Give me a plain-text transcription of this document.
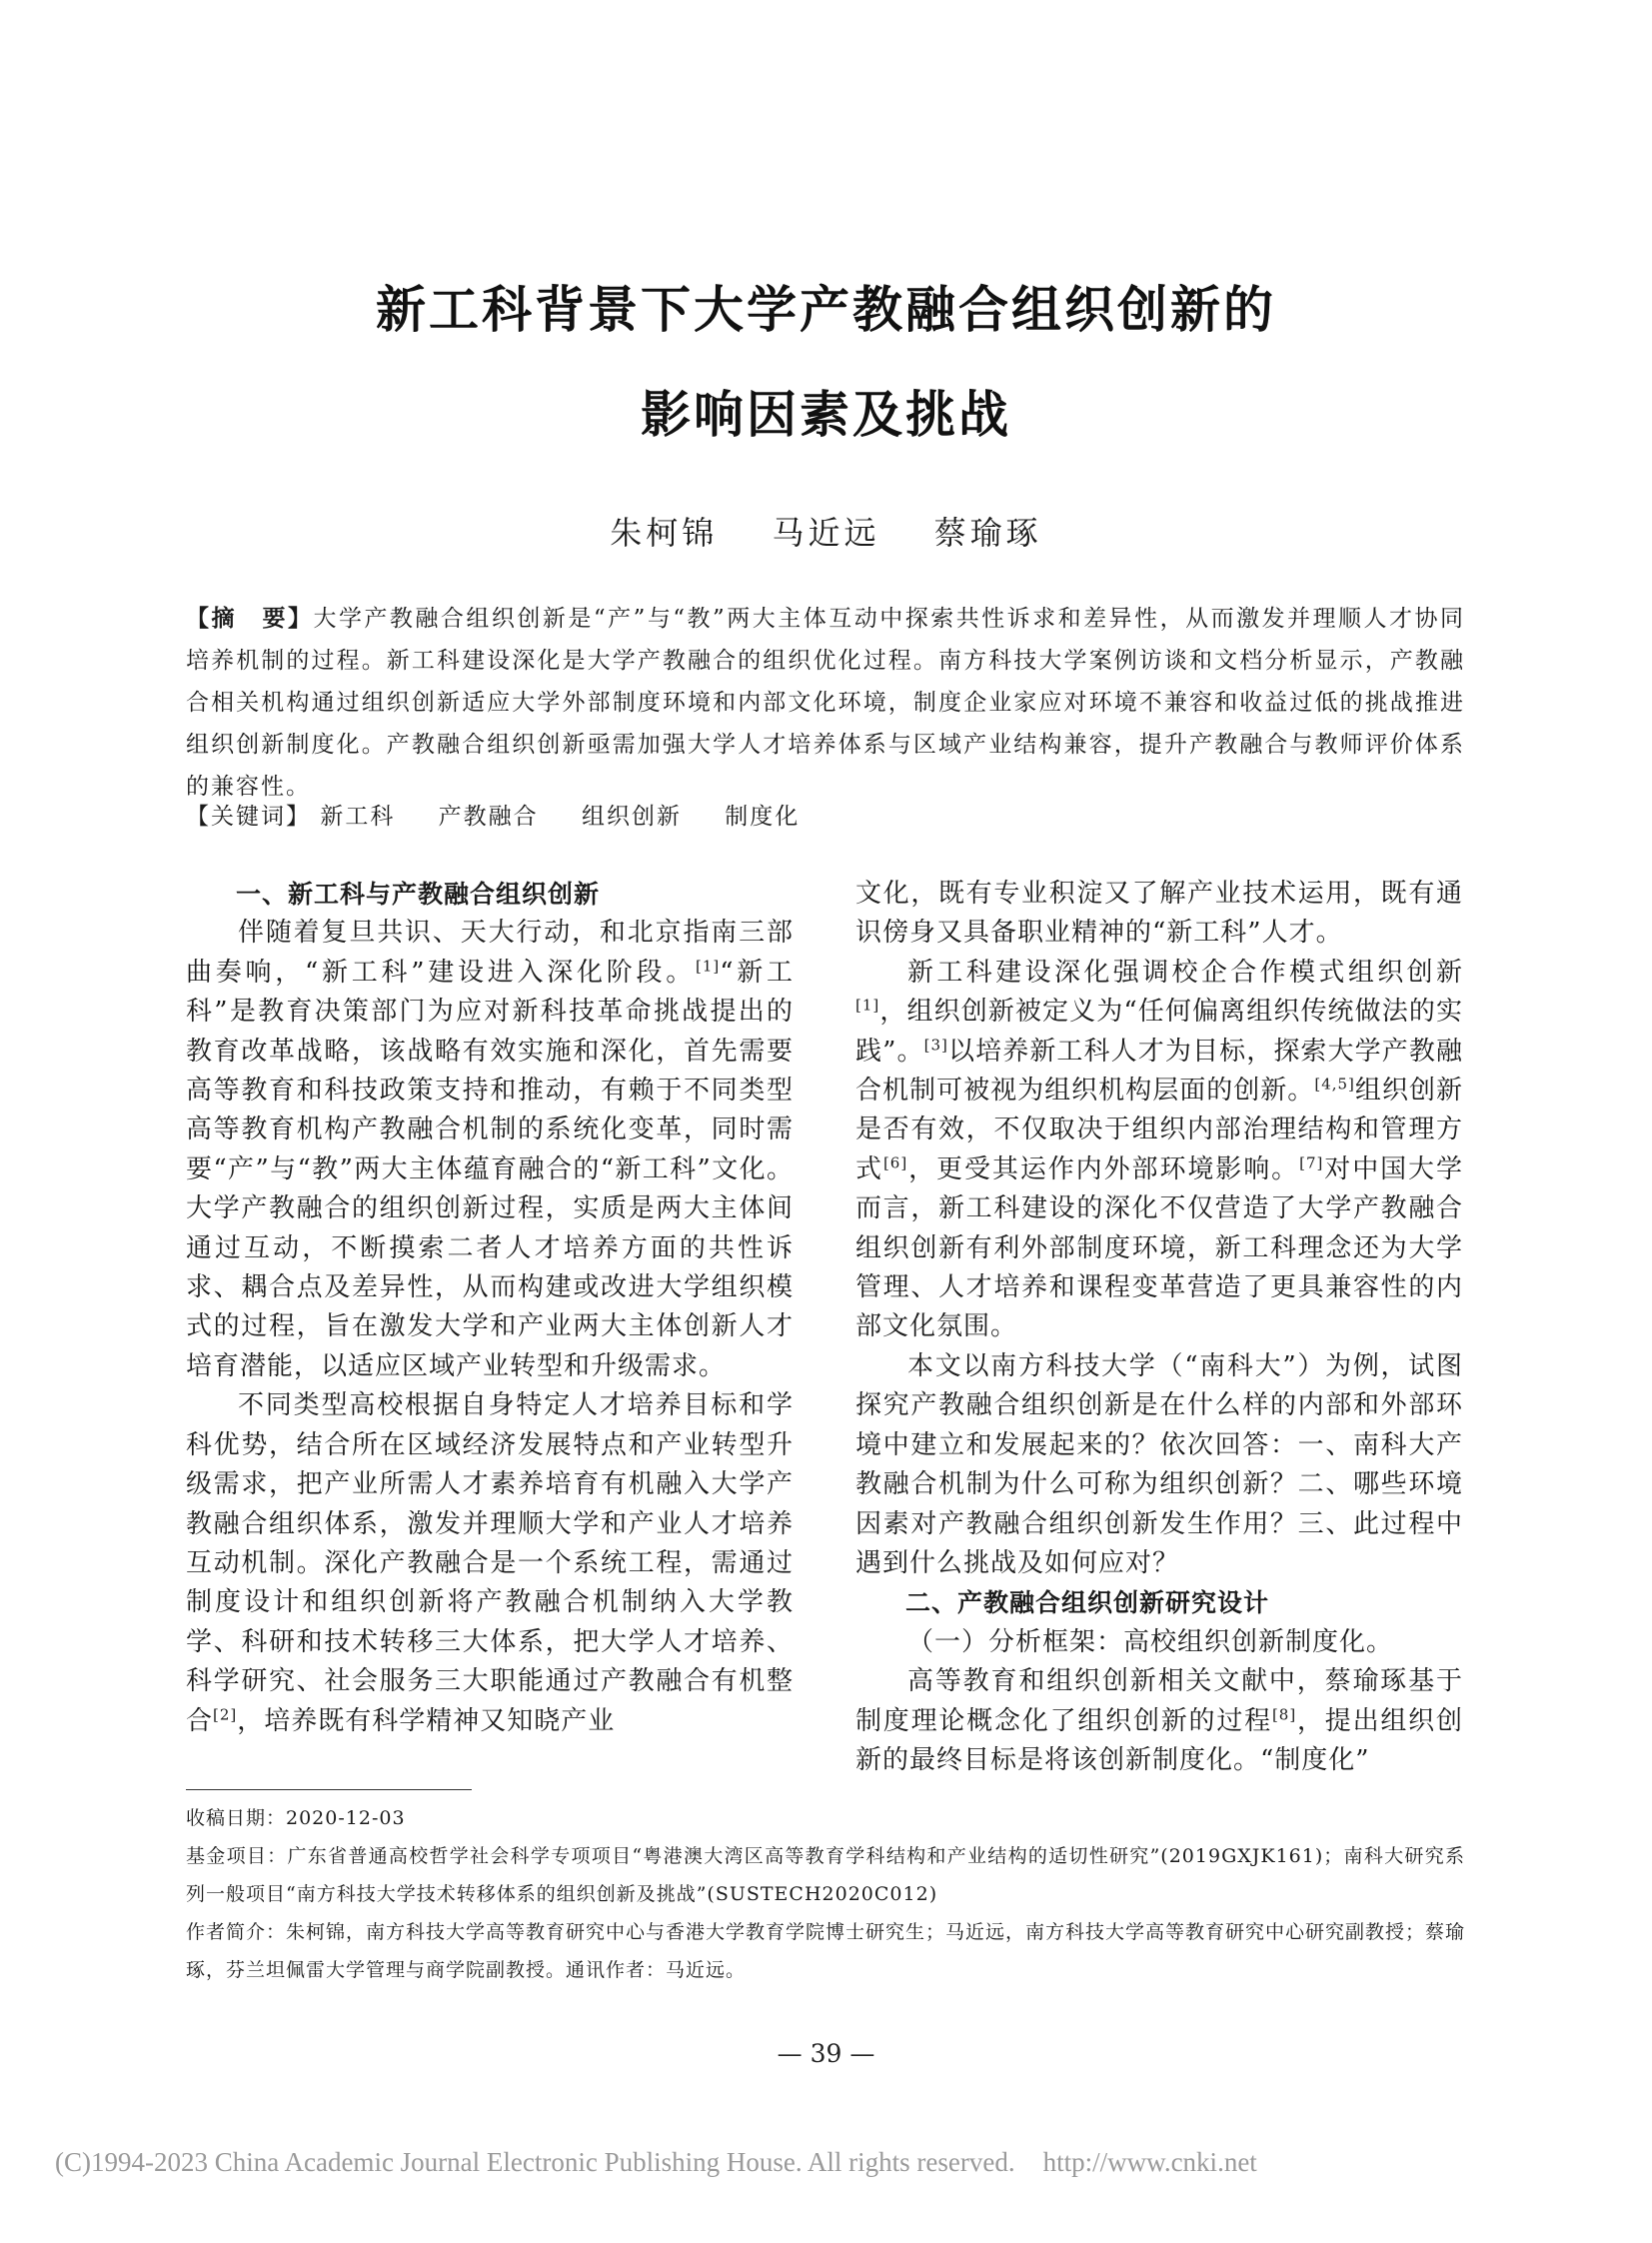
新工科背景下大学产教融合组织创新的
影响因素及挑战
朱柯锦 马近远 蔡瑜琢
【摘　要】大学产教融合组织创新是“产”与“教”两大主体互动中探索共性诉求和差异性，从而激发并理顺人才协同培养机制的过程。新工科建设深化是大学产教融合的组织优化过程。南方科技大学案例访谈和文档分析显示，产教融合相关机构通过组织创新适应大学外部制度环境和内部文化环境，制度企业家应对环境不兼容和收益过低的挑战推进组织创新制度化。产教融合组织创新亟需加强大学人才培养体系与区域产业结构兼容，提升产教融合与教师评价体系的兼容性。
【关键词】 新工科 产教融合 组织创新 制度化
一、新工科与产教融合组织创新

伴随着复旦共识、天大行动，和北京指南三部曲奏响，“新工科”建设进入深化阶段。[1]“新工科”是教育决策部门为应对新科技革命挑战提出的教育改革战略，该战略有效实施和深化，首先需要高等教育和科技政策支持和推动，有赖于不同类型高等教育机构产教融合机制的系统化变革，同时需要“产”与“教”两大主体蕴育融合的“新工科”文化。大学产教融合的组织创新过程，实质是两大主体间通过互动，不断摸索二者人才培养方面的共性诉求、耦合点及差异性，从而构建或改进大学组织模式的过程，旨在激发大学和产业两大主体创新人才培育潜能，以适应区域产业转型和升级需求。

不同类型高校根据自身特定人才培养目标和学科优势，结合所在区域经济发展特点和产业转型升级需求，把产业所需人才素养培育有机融入大学产教融合组织体系，激发并理顺大学和产业人才培养互动机制。深化产教融合是一个系统工程，需通过制度设计和组织创新将产教融合机制纳入大学教学、科研和技术转移三大体系，把大学人才培养、科学研究、社会服务三大职能通过产教融合有机整合[2]，培养既有科学精神又知晓产业

文化，既有专业积淀又了解产业技术运用，既有通识傍身又具备职业精神的“新工科”人才。

新工科建设深化强调校企合作模式组织创新[1]，组织创新被定义为“任何偏离组织传统做法的实践”。[3]以培养新工科人才为目标，探索大学产教融合机制可被视为组织机构层面的创新。[4,5]组织创新是否有效，不仅取决于组织内部治理结构和管理方式[6]，更受其运作内外部环境影响。[7]对中国大学而言，新工科建设的深化不仅营造了大学产教融合组织创新有利外部制度环境，新工科理念还为大学管理、人才培养和课程变革营造了更具兼容性的内部文化氛围。

本文以南方科技大学（“南科大”）为例，试图探究产教融合组织创新是在什么样的内部和外部环境中建立和发展起来的？依次回答：一、南科大产教融合机制为什么可称为组织创新？二、哪些环境因素对产教融合组织创新发生作用？三、此过程中遇到什么挑战及如何应对？

二、产教融合组织创新研究设计
（一）分析框架：高校组织创新制度化。

高等教育和组织创新相关文献中，蔡瑜琢基于制度理论概念化了组织创新的过程[8]，提出组织创新的最终目标是将该创新制度化。“制度化”

收稿日期：2020-12-03

基金项目：广东省普通高校哲学社会科学专项项目“粤港澳大湾区高等教育学科结构和产业结构的适切性研究”(2019GXJK161)；南科大研究系列一般项目“南方科技大学技术转移体系的组织创新及挑战”(SUSTECH2020C012)

作者简介：朱柯锦，南方科技大学高等教育研究中心与香港大学教育学院博士研究生；马近远，南方科技大学高等教育研究中心研究副教授；蔡瑜琢，芬兰坦佩雷大学管理与商学院副教授。通讯作者：马近远。

— 39 —
(C)1994-2023 China Academic Journal Electronic Publishing House. All rights reserved. http://www.cnki.net
